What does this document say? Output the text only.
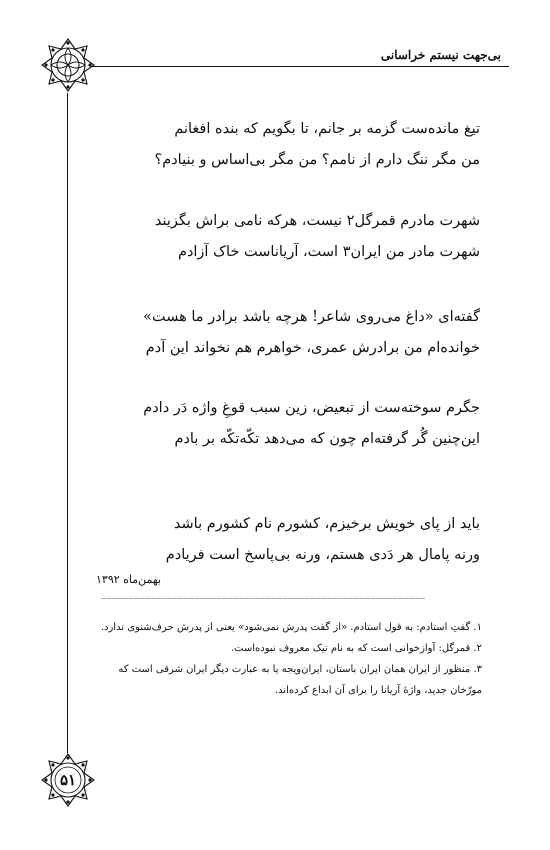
بی‌جهت نیستم خراسانی
۵۱
تیغ مانده‌ست گزمه بر جانم، تا بگویم که بنده افغانم
من مگر ننگ دارم از نامم؟ من مگر بی‌اساس و بنیادم؟
شهرت مادرم قمرگل۲ نیست، هرکه نامی براش بگزیند
شهرت مادر من ایران۳ است، آریاناست خاک آزادم
گفته‌ای «داغ می‌روی شاعر! هرچه باشد برادر ما هست»
خوانده‌ام من برادرش عمری، خواهرم هم نخواند این آدم
جگرم سوخته‌ست از تبعیض، زین سبب قوغِ واژه دَر دادم
این‌چنین گُر گرفته‌ام چون که می‌دهد تکّه‌تکّه بر بادم
باید از پای خویش برخیزم، کشورم نام کشورم باشد
ورنه پامال هر دَدی هستم، ورنه بی‌پاسخ است فریادم
بهمن‌ماه ۱۳۹۲
___________________________________________________________

۱. گفتِ استادم: به قول استادم. «از گفت پدرش نمی‌شود» یعنی از پدرش حرف‌شنوی ندارد.

۲. قمرگل: آوازخوانی است که به نام نیک معروف نبوده‌است.

۳. منظور از ایران همان ایران باستان، ایران‌ویجه یا به عبارت دیگر ایران شرقی است که مورّخان جدید، واژهٔ آریانا را برای آن ابداع کرده‌اند.
